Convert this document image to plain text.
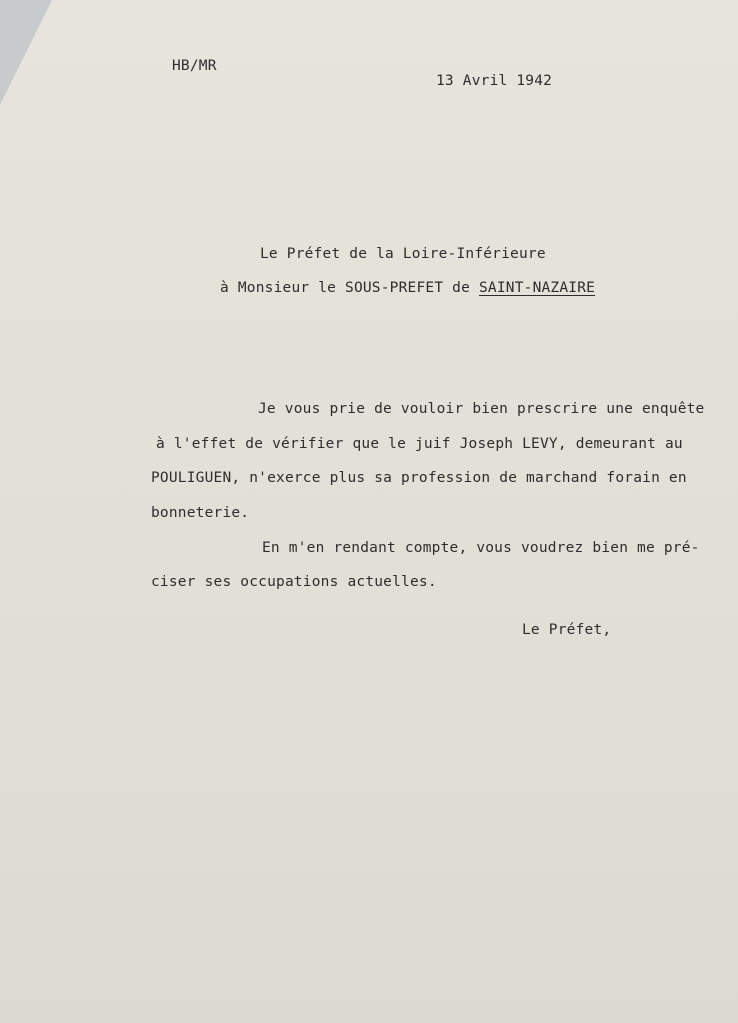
HB/MR
13 Avril 1942
Le Préfet de la Loire-Inférieure
à Monsieur le SOUS-PREFET de SAINT-NAZAIRE
Je vous prie de vouloir bien prescrire une enquête
à l'effet de vérifier que le juif Joseph LEVY, demeurant au
POULIGUEN, n'exerce plus sa profession de marchand forain en
bonneterie.
En m'en rendant compte, vous voudrez bien me pré-
ciser ses occupations actuelles.
Le Préfet,
